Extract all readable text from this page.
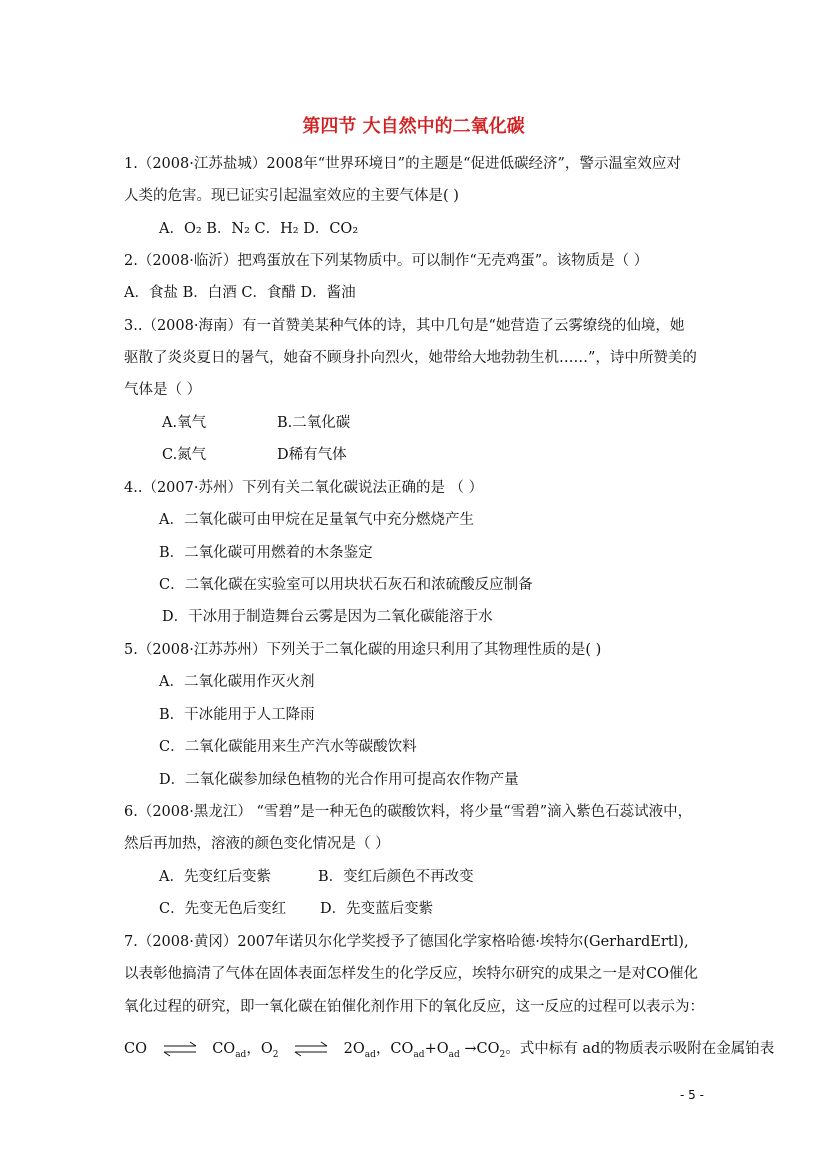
第四节 大自然中的二氧化碳
1.（2008·江苏盐城）2008年“世界环境日”的主题是“促进低碳经济”，警示温室效应对
人类的危害。现已证实引起温室效应的主要气体是( )
A．O₂ B．N₂ C．H₂ D．CO₂
2.（2008·临沂）把鸡蛋放在下列某物质中。可以制作“无壳鸡蛋”。该物质是（ ）
A．食盐 B．白酒 C．食醋 D．酱油
3..（2008·海南）有一首赞美某种气体的诗，其中几句是“她营造了云雾缭绕的仙境，她
驱散了炎炎夏日的暑气，她奋不顾身扑向烈火，她带给大地勃勃生机……”，诗中所赞美的
气体是（ ）
A.氧气	B.二氧化碳
C.氮气	D稀有气体
4..（2007·苏州）下列有关二氧化碳说法正确的是 （ ）
A．二氧化碳可由甲烷在足量氧气中充分燃烧产生
B．二氧化碳可用燃着的木条鉴定
C．二氧化碳在实验室可以用块状石灰石和浓硫酸反应制备
D．干冰用于制造舞台云雾是因为二氧化碳能溶于水
5.（2008·江苏苏州）下列关于二氧化碳的用途只利用了其物理性质的是( )
A．二氧化碳用作灭火剂
B．干冰能用于人工降雨
C．二氧化碳能用来生产汽水等碳酸饮料
D．二氧化碳参加绿色植物的光合作用可提高农作物产量
6.（2008·黑龙江） “雪碧”是一种无色的碳酸饮料，将少量“雪碧”滴入紫色石蕊试液中，
然后再加热，溶液的颜色变化情况是（ ）
A．先变红后变紫	B．变红后颜色不再改变
C．先变无色后变红 D．先变蓝后变紫
7.（2008·黄冈）2007年诺贝尔化学奖授予了德国化学家格哈德·埃特尔(GerhardErtl),
以表彰他搞清了气体在固体表面怎样发生的化学反应，埃特尔研究的成果之一是对CO催化
氧化过程的研究，即一氧化碳在铂催化剂作用下的氧化反应，这一反应的过程可以表示为：
CO ⇌ $CO_{ad}$，$O_2$ ⇌ $2O_{ad}$，$CO_{ad}+O_{ad} \to CO_2$。式中标有 ad的物质表示吸附在金属铂表
- 5 -
